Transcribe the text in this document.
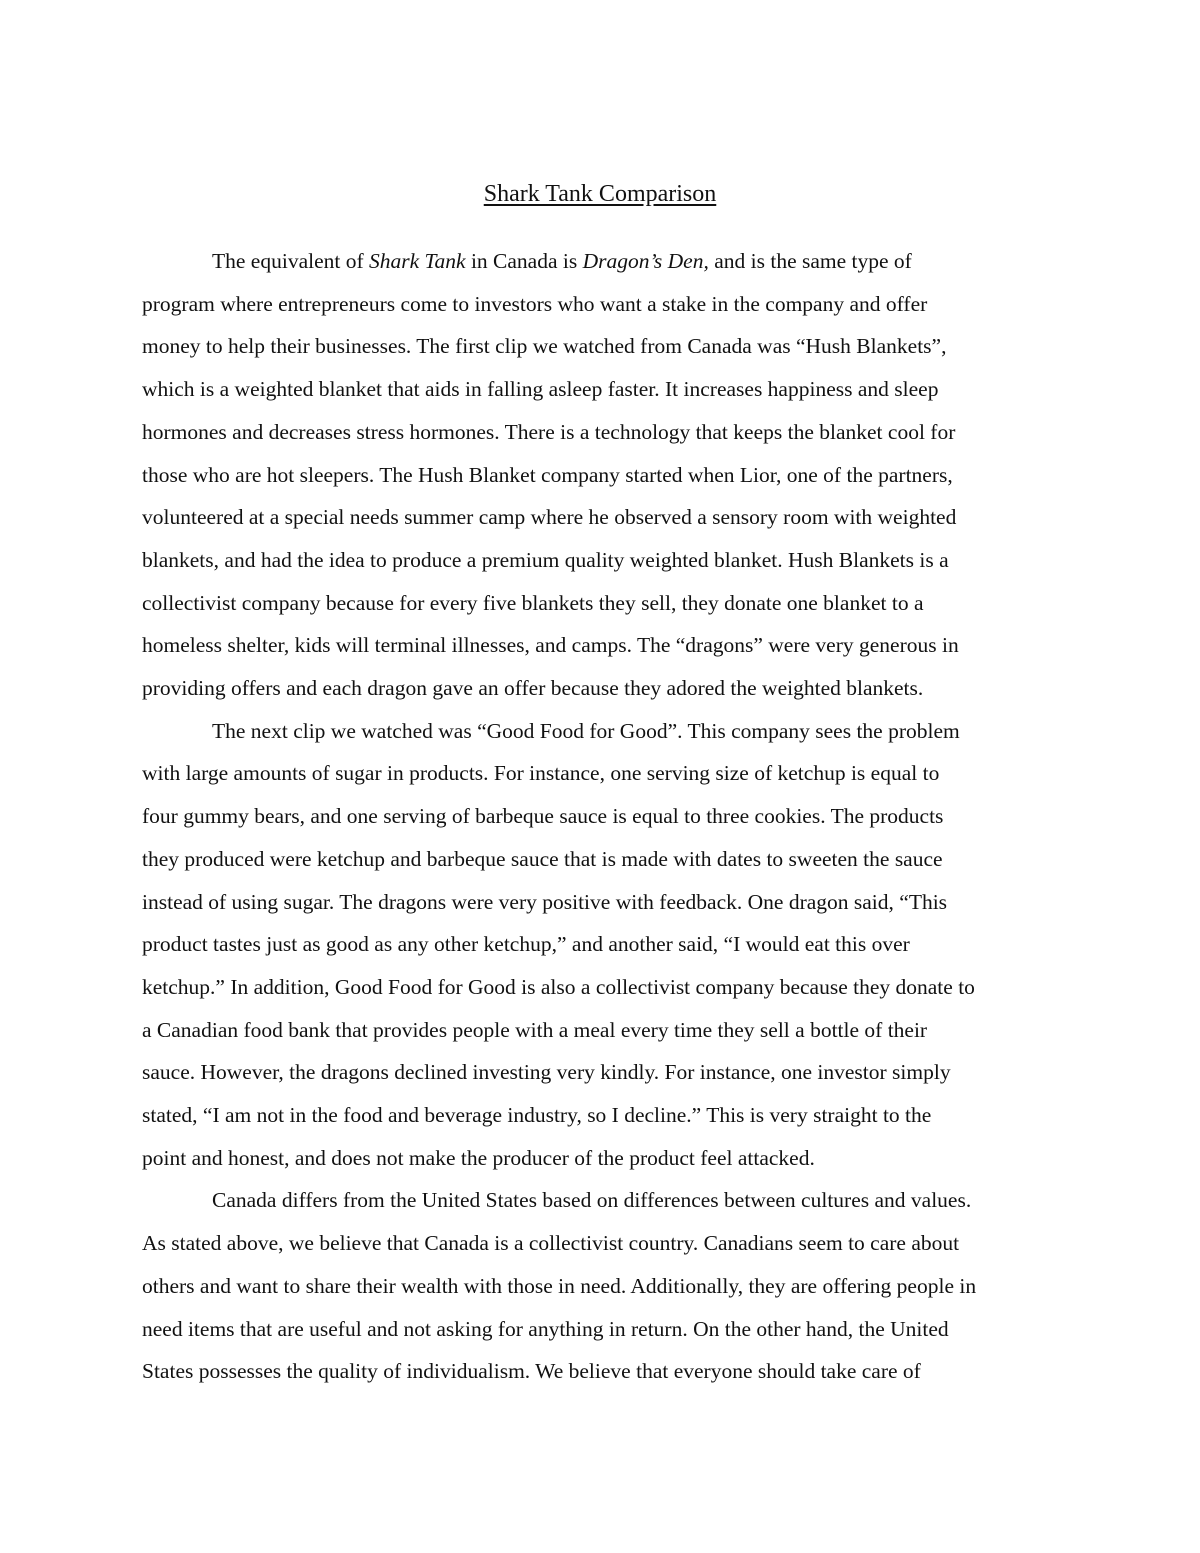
Shark Tank Comparison
The equivalent of Shark Tank in Canada is Dragon’s Den, and is the same type of
program where entrepreneurs come to investors who want a stake in the company and offer
money to help their businesses. The first clip we watched from Canada was “Hush Blankets”,
which is a weighted blanket that aids in falling asleep faster. It increases happiness and sleep
hormones and decreases stress hormones. There is a technology that keeps the blanket cool for
those who are hot sleepers. The Hush Blanket company started when Lior, one of the partners,
volunteered at a special needs summer camp where he observed a sensory room with weighted
blankets, and had the idea to produce a premium quality weighted blanket. Hush Blankets is a
collectivist company because for every five blankets they sell, they donate one blanket to a
homeless shelter, kids will terminal illnesses, and camps. The “dragons” were very generous in
providing offers and each dragon gave an offer because they adored the weighted blankets.
The next clip we watched was “Good Food for Good”. This company sees the problem
with large amounts of sugar in products. For instance, one serving size of ketchup is equal to
four gummy bears, and one serving of barbeque sauce is equal to three cookies. The products
they produced were ketchup and barbeque sauce that is made with dates to sweeten the sauce
instead of using sugar. The dragons were very positive with feedback. One dragon said, “This
product tastes just as good as any other ketchup,” and another said, “I would eat this over
ketchup.” In addition, Good Food for Good is also a collectivist company because they donate to
a Canadian food bank that provides people with a meal every time they sell a bottle of their
sauce. However, the dragons declined investing very kindly. For instance, one investor simply
stated, “I am not in the food and beverage industry, so I decline.” This is very straight to the
point and honest, and does not make the producer of the product feel attacked.
Canada differs from the United States based on differences between cultures and values.
As stated above, we believe that Canada is a collectivist country. Canadians seem to care about
others and want to share their wealth with those in need. Additionally, they are offering people in
need items that are useful and not asking for anything in return. On the other hand, the United
States possesses the quality of individualism. We believe that everyone should take care of
